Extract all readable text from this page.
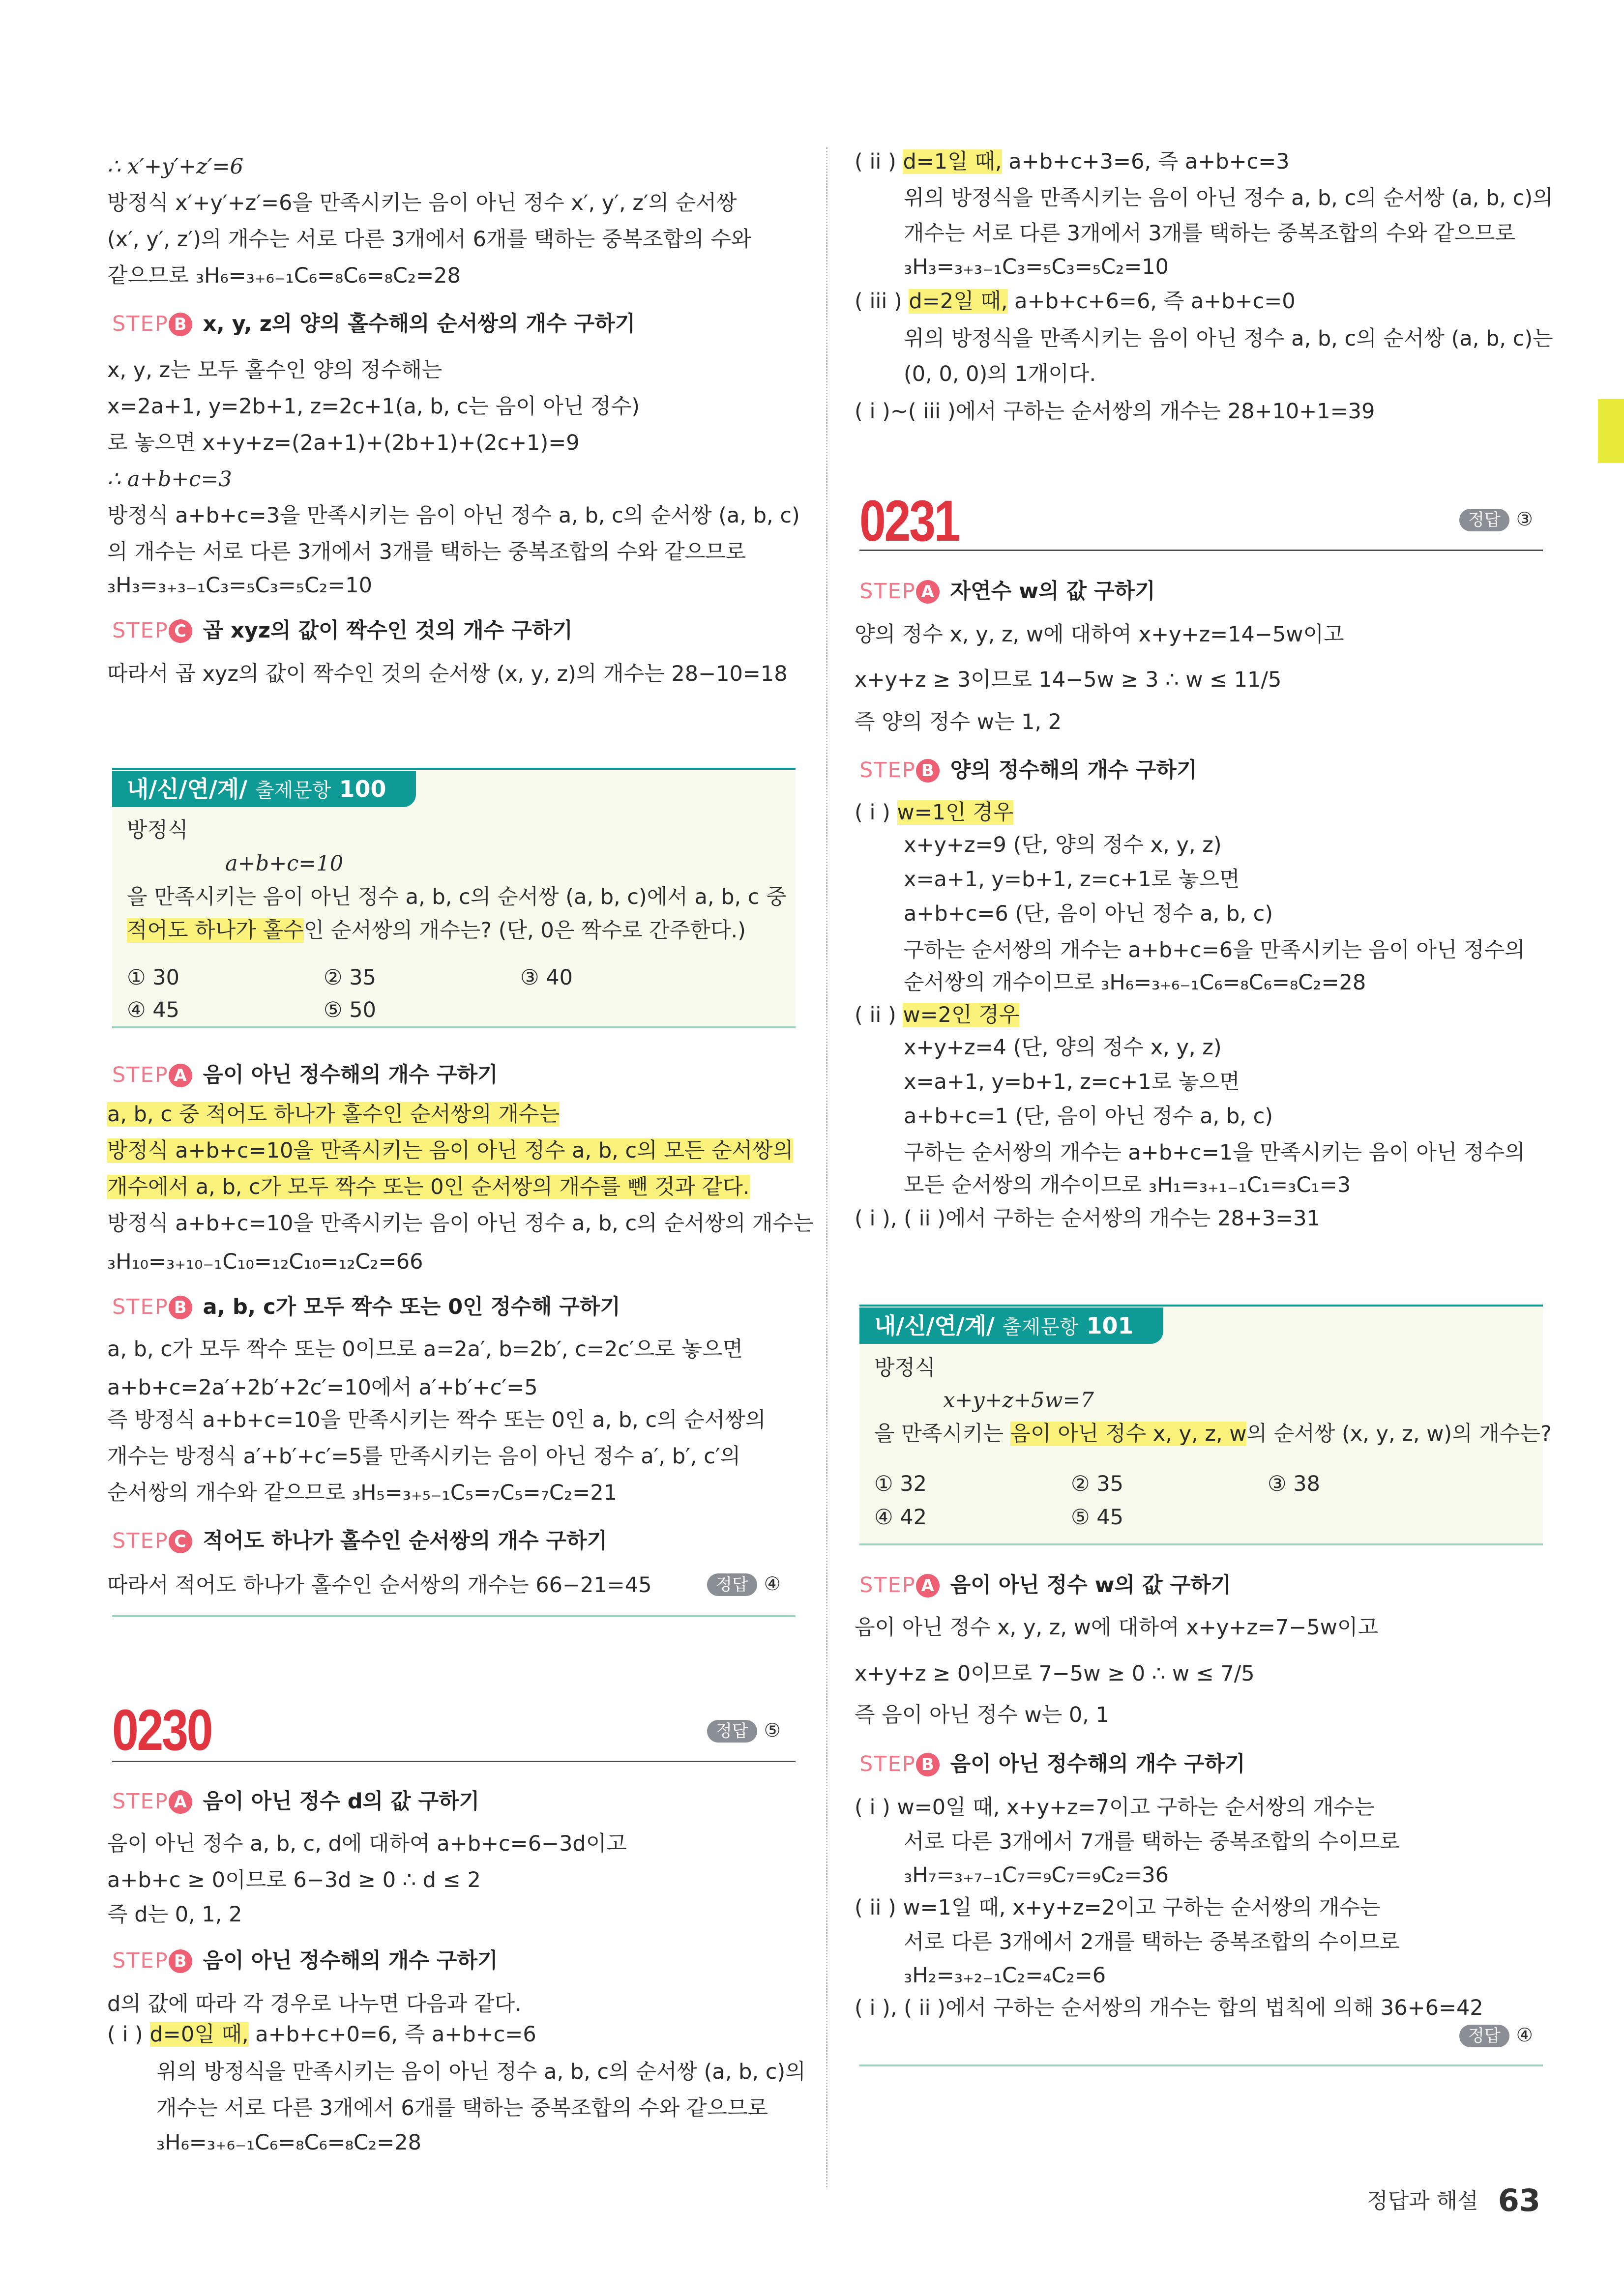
∴ x′+y′+z′=6
방정식 x′+y′+z′=6을 만족시키는 음이 아닌 정수 x′, y′, z′의 순서쌍
(x′, y′, z′)의 개수는 서로 다른 3개에서 6개를 택하는 중복조합의 수와
같으므로 ₃H₆=₃₊₆₋₁C₆=₈C₆=₈C₂=28
STEP B x, y, z의 양의 홀수해의 순서쌍의 개수 구하기
x, y, z는 모두 홀수인 양의 정수해는
x=2a+1, y=2b+1, z=2c+1(a, b, c는 음이 아닌 정수)
로 놓으면 x+y+z=(2a+1)+(2b+1)+(2c+1)=9
∴ a+b+c=3
방정식 a+b+c=3을 만족시키는 음이 아닌 정수 a, b, c의 순서쌍 (a, b, c)
의 개수는 서로 다른 3개에서 3개를 택하는 중복조합의 수와 같으므로
₃H₃=₃₊₃₋₁C₃=₅C₃=₅C₂=10
STEP C 곱 xyz의 값이 짝수인 것의 개수 구하기
따라서 곱 xyz의 값이 짝수인 것의 순서쌍 (x, y, z)의 개수는 28−10=18
내/신/연/계/ 출제문항 100
방정식
a+b+c=10
을 만족시키는 음이 아닌 정수 a, b, c의 순서쌍 (a, b, c)에서 a, b, c 중
적어도 하나가 홀수인 순서쌍의 개수는? (단, 0은 짝수로 간주한다.)
① 30	② 35	③ 40
④ 45	⑤ 50
STEP A 음이 아닌 정수해의 개수 구하기
a, b, c 중 적어도 하나가 홀수인 순서쌍의 개수는
방정식 a+b+c=10을 만족시키는 음이 아닌 정수 a, b, c의 모든 순서쌍의
개수에서 a, b, c가 모두 짝수 또는 0인 순서쌍의 개수를 뺀 것과 같다.
방정식 a+b+c=10을 만족시키는 음이 아닌 정수 a, b, c의 순서쌍의 개수는
₃H₁₀=₃₊₁₀₋₁C₁₀=₁₂C₁₀=₁₂C₂=66
STEP B a, b, c가 모두 짝수 또는 0인 정수해 구하기
a, b, c가 모두 짝수 또는 0이므로 a=2a′, b=2b′, c=2c′으로 놓으면
a+b+c=2a′+2b′+2c′=10에서 a′+b′+c′=5
즉 방정식 a+b+c=10을 만족시키는 짝수 또는 0인 a, b, c의 순서쌍의
개수는 방정식 a′+b′+c′=5를 만족시키는 음이 아닌 정수 a′, b′, c′의
순서쌍의 개수와 같으므로 ₃H₅=₃₊₅₋₁C₅=₇C₅=₇C₂=21
STEP C 적어도 하나가 홀수인 순서쌍의 개수 구하기
따라서 적어도 하나가 홀수인 순서쌍의 개수는 66−21=45	정답 ④
0230	정답 ⑤
STEP A 음이 아닌 정수 d의 값 구하기
음이 아닌 정수 a, b, c, d에 대하여 a+b+c=6−3d이고
a+b+c ≥ 0이므로 6−3d ≥ 0 ∴ d ≤ 2
즉 d는 0, 1, 2
STEP B 음이 아닌 정수해의 개수 구하기
d의 값에 따라 각 경우로 나누면 다음과 같다.
( i ) d=0일 때, a+b+c+0=6, 즉 a+b+c=6
위의 방정식을 만족시키는 음이 아닌 정수 a, b, c의 순서쌍 (a, b, c)의
개수는 서로 다른 3개에서 6개를 택하는 중복조합의 수와 같으므로
₃H₆=₃₊₆₋₁C₆=₈C₆=₈C₂=28
( ii ) d=1일 때, a+b+c+3=6, 즉 a+b+c=3
위의 방정식을 만족시키는 음이 아닌 정수 a, b, c의 순서쌍 (a, b, c)의
개수는 서로 다른 3개에서 3개를 택하는 중복조합의 수와 같으므로
₃H₃=₃₊₃₋₁C₃=₅C₃=₅C₂=10
( iii ) d=2일 때, a+b+c+6=6, 즉 a+b+c=0
위의 방정식을 만족시키는 음이 아닌 정수 a, b, c의 순서쌍 (a, b, c)는
(0, 0, 0)의 1개이다.
( i )~( iii )에서 구하는 순서쌍의 개수는 28+10+1=39
0231	정답 ③
STEP A 자연수 w의 값 구하기
양의 정수 x, y, z, w에 대하여 x+y+z=14−5w이고
x+y+z ≥ 3이므로 14−5w ≥ 3 ∴ w ≤ 11/5
즉 양의 정수 w는 1, 2
STEP B 양의 정수해의 개수 구하기
( i ) w=1인 경우
x+y+z=9 (단, 양의 정수 x, y, z)
x=a+1, y=b+1, z=c+1로 놓으면
a+b+c=6 (단, 음이 아닌 정수 a, b, c)
구하는 순서쌍의 개수는 a+b+c=6을 만족시키는 음이 아닌 정수의
순서쌍의 개수이므로 ₃H₆=₃₊₆₋₁C₆=₈C₆=₈C₂=28
( ii ) w=2인 경우
x+y+z=4 (단, 양의 정수 x, y, z)
x=a+1, y=b+1, z=c+1로 놓으면
a+b+c=1 (단, 음이 아닌 정수 a, b, c)
구하는 순서쌍의 개수는 a+b+c=1을 만족시키는 음이 아닌 정수의
모든 순서쌍의 개수이므로 ₃H₁=₃₊₁₋₁C₁=₃C₁=3
( i ), ( ii )에서 구하는 순서쌍의 개수는 28+3=31
내/신/연/계/ 출제문항 101
방정식
x+y+z+5w=7
을 만족시키는 음이 아닌 정수 x, y, z, w의 순서쌍 (x, y, z, w)의 개수는?
① 32	② 35	③ 38
④ 42	⑤ 45
STEP A 음이 아닌 정수 w의 값 구하기
음이 아닌 정수 x, y, z, w에 대하여 x+y+z=7−5w이고
x+y+z ≥ 0이므로 7−5w ≥ 0 ∴ w ≤ 7/5
즉 음이 아닌 정수 w는 0, 1
STEP B 음이 아닌 정수해의 개수 구하기
( i ) w=0일 때, x+y+z=7이고 구하는 순서쌍의 개수는
서로 다른 3개에서 7개를 택하는 중복조합의 수이므로
₃H₇=₃₊₇₋₁C₇=₉C₇=₉C₂=36
( ii ) w=1일 때, x+y+z=2이고 구하는 순서쌍의 개수는
서로 다른 3개에서 2개를 택하는 중복조합의 수이므로
₃H₂=₃₊₂₋₁C₂=₄C₂=6
( i ), ( ii )에서 구하는 순서쌍의 개수는 합의 법칙에 의해 36+6=42
정답 ④
정답과 해설 63
